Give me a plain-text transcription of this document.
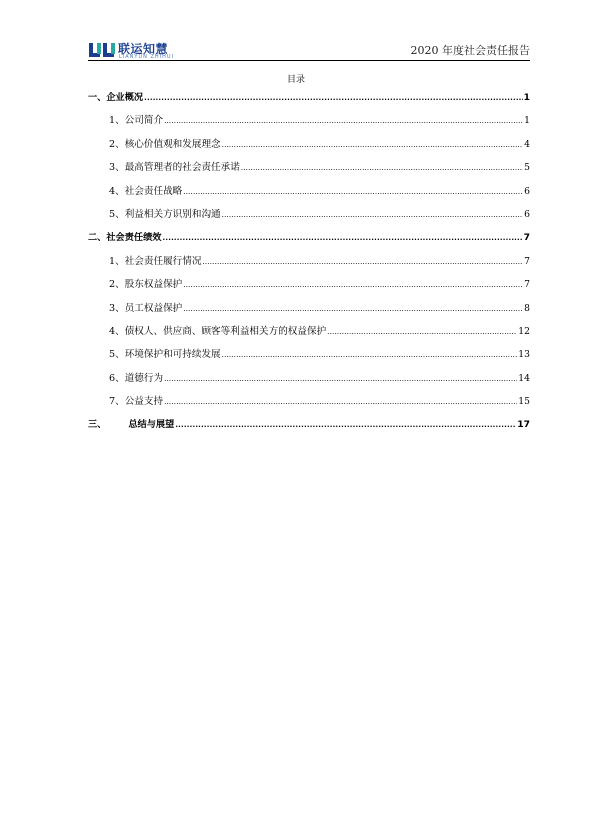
联运知慧
LIANYUN ZHIHUI	2020 年度社会责任报告
目录
一、企业概况 .....	1
1、公司简介 .....	1
2、核心价值观和发展理念 .....	4
3、最高管理者的社会责任承诺 .....	5
4、社会责任战略 .....	6
5、利益相关方识别和沟通 .....	6
二、社会责任绩效 .....	7
1、社会责任履行情况 .....	7
2、股东权益保护 .....	7
3、员工权益保护 .....	8
4、债权人、供应商、顾客等利益相关方的权益保护 .....	12
5、环境保护和可持续发展 .....	13
6、道德行为 .....	14
7、公益支持 .....	15
三、 总结与展望 .....	17
